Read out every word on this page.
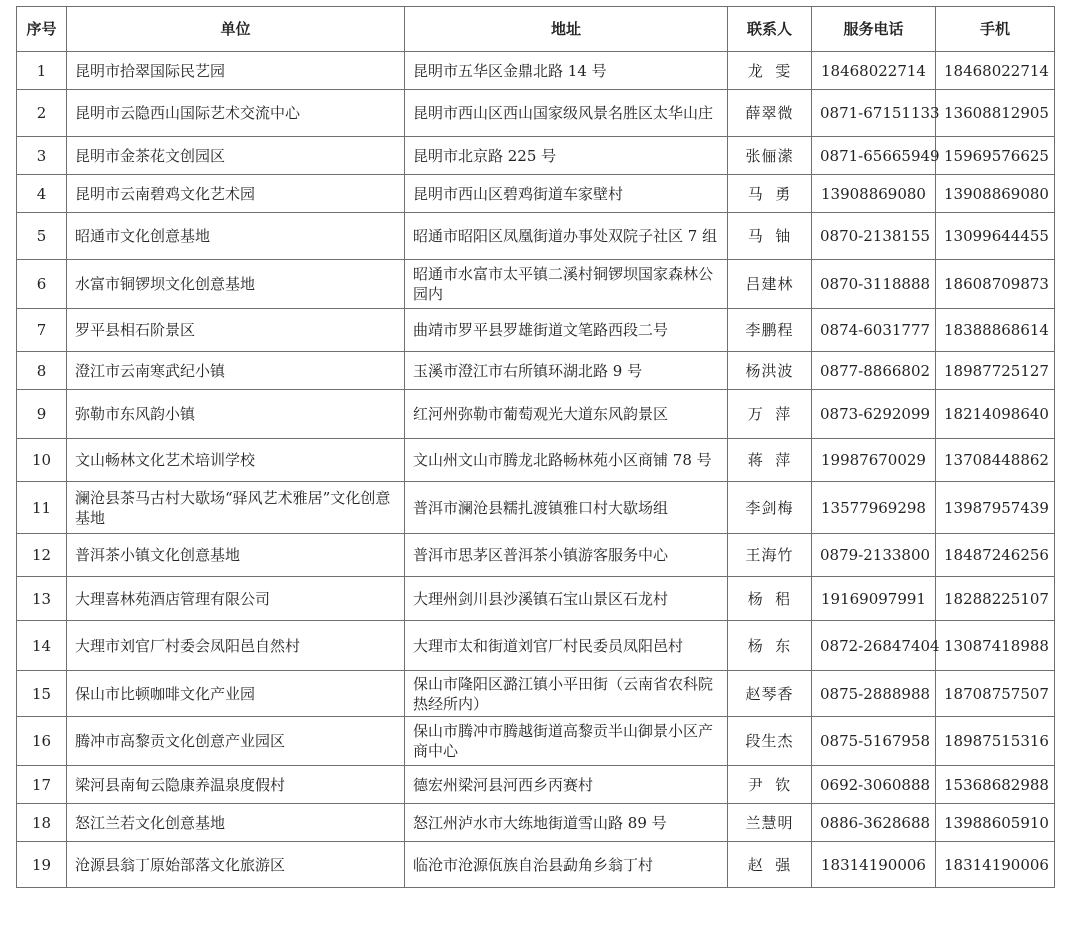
序号	单位	地址	联系人	服务电话	手机
1	昆明市拾翠国际民艺园	昆明市五华区金鼎北路 14 号	龙  雯	18468022714	18468022714
2	昆明市云隐西山国际艺术交流中心	昆明市西山区西山国家级风景名胜区太华山庄	薛翠微	0871-67151133	13608812905
3	昆明市金茶花文创园区	昆明市北京路 225 号	张俪潆	0871-65665949	15969576625
4	昆明市云南碧鸡文化艺术园	昆明市西山区碧鸡街道车家壁村	马  勇	13908869080	13908869080
5	昭通市文化创意基地	昭通市昭阳区凤凰街道办事处双院子社区 7 组	马  铀	0870-2138155	13099644455
6	水富市铜锣坝文化创意基地	昭通市水富市太平镇二溪村铜锣坝国家森林公园内	吕建林	0870-3118888	18608709873
7	罗平县相石阶景区	曲靖市罗平县罗雄街道文笔路西段二号	李鹏程	0874-6031777	18388868614
8	澄江市云南寒武纪小镇	玉溪市澄江市右所镇环湖北路 9 号	杨洪波	0877-8866802	18987725127
9	弥勒市东风韵小镇	红河州弥勒市葡萄观光大道东风韵景区	万  萍	0873-6292099	18214098640
10	文山畅林文化艺术培训学校	文山州文山市腾龙北路畅林苑小区商铺 78 号	蒋  萍	19987670029	13708448862
11	澜沧县茶马古村大歇场“驿风艺术雅居”文化创意基地	普洱市澜沧县糯扎渡镇雅口村大歇场组	李剑梅	13577969298	13987957439
12	普洱茶小镇文化创意基地	普洱市思茅区普洱茶小镇游客服务中心	王海竹	0879-2133800	18487246256
13	大理喜林苑酒店管理有限公司	大理州剑川县沙溪镇石宝山景区石龙村	杨  稆	19169097991	18288225107
14	大理市刘官厂村委会凤阳邑自然村	大理市太和街道刘官厂村民委员凤阳邑村	杨  东	0872-26847404	13087418988
15	保山市比顿咖啡文化产业园	保山市隆阳区潞江镇小平田街（云南省农科院热经所内）	赵琴香	0875-2888988	18708757507
16	腾冲市高黎贡文化创意产业园区	保山市腾冲市腾越街道高黎贡半山御景小区产商中心	段生杰	0875-5167958	18987515316
17	梁河县南甸云隐康养温泉度假村	德宏州梁河县河西乡丙赛村	尹  钦	0692-3060888	15368682988
18	怒江兰若文化创意基地	怒江州泸水市大练地街道雪山路 89 号	兰慧明	0886-3628688	13988605910
19	沧源县翁丁原始部落文化旅游区	临沧市沧源佤族自治县勐角乡翁丁村	赵  强	18314190006	18314190006
